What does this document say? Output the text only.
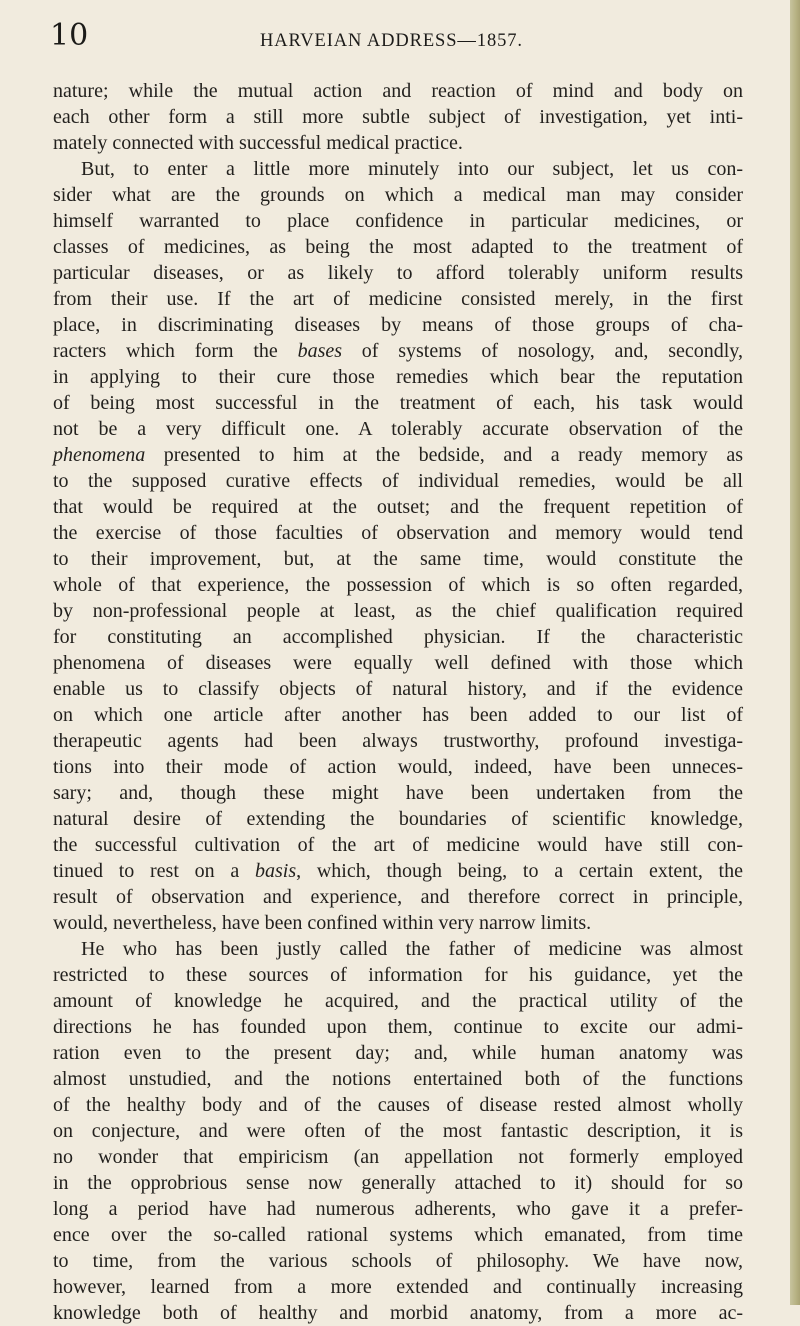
10	HARVEIAN ADDRESS—1857.
nature; while the mutual action and reaction of mind and body on
each other form a still more subtle subject of investigation, yet inti-
mately connected with successful medical practice.
But, to enter a little more minutely into our subject, let us con-
sider what are the grounds on which a medical man may consider
himself warranted to place confidence in particular medicines, or
classes of medicines, as being the most adapted to the treatment of
particular diseases, or as likely to afford tolerably uniform results
from their use. If the art of medicine consisted merely, in the first
place, in discriminating diseases by means of those groups of cha-
racters which form the bases of systems of nosology, and, secondly,
in applying to their cure those remedies which bear the reputation
of being most successful in the treatment of each, his task would
not be a very difficult one. A tolerably accurate observation of the
phenomena presented to him at the bedside, and a ready memory as
to the supposed curative effects of individual remedies, would be all
that would be required at the outset; and the frequent repetition of
the exercise of those faculties of observation and memory would tend
to their improvement, but, at the same time, would constitute the
whole of that experience, the possession of which is so often regarded,
by non-professional people at least, as the chief qualification required
for constituting an accomplished physician. If the characteristic
phenomena of diseases were equally well defined with those which
enable us to classify objects of natural history, and if the evidence
on which one article after another has been added to our list of
therapeutic agents had been always trustworthy, profound investiga-
tions into their mode of action would, indeed, have been unneces-
sary; and, though these might have been undertaken from the
natural desire of extending the boundaries of scientific knowledge,
the successful cultivation of the art of medicine would have still con-
tinued to rest on a basis, which, though being, to a certain extent, the
result of observation and experience, and therefore correct in principle,
would, nevertheless, have been confined within very narrow limits.
He who has been justly called the father of medicine was almost
restricted to these sources of information for his guidance, yet the
amount of knowledge he acquired, and the practical utility of the
directions he has founded upon them, continue to excite our admi-
ration even to the present day; and, while human anatomy was
almost unstudied, and the notions entertained both of the functions
of the healthy body and of the causes of disease rested almost wholly
on conjecture, and were often of the most fantastic description, it is
no wonder that empiricism (an appellation not formerly employed
in the opprobrious sense now generally attached to it) should for so
long a period have had numerous adherents, who gave it a prefer-
ence over the so-called rational systems which emanated, from time
to time, from the various schools of philosophy. We have now,
however, learned from a more extended and continually increasing
knowledge both of healthy and morbid anatomy, from a more ac-
